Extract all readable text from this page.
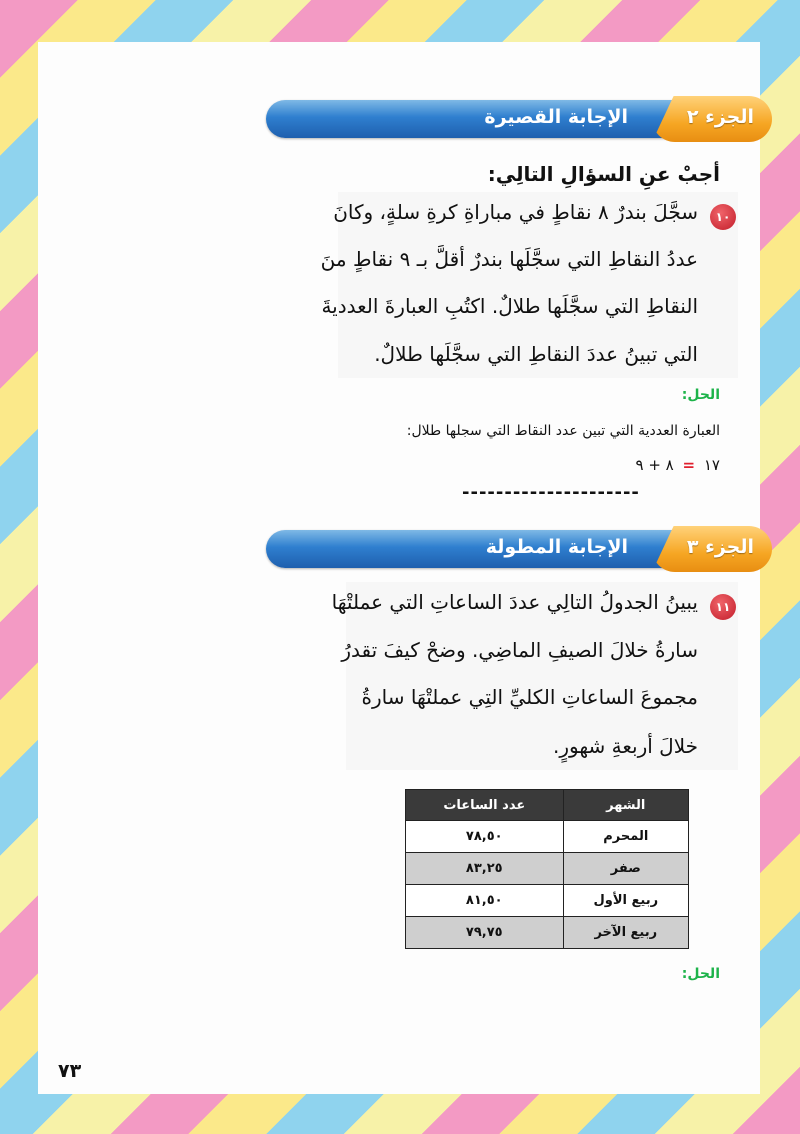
الجزء ٢
الإجابة القصيرة
أجبْ عنِ السؤالِ التالِي:
١٠
سجَّلَ بندرٌ ٨ نقاطٍ في مباراةِ كرةِ سلةٍ، وكانَ
عددُ النقاطِ التي سجَّلَها بندرٌ أقلَّ بـ ٩ نقاطٍ منَ
النقاطِ التي سجَّلَها طلالٌ. اكتُبِ العبارةَ العدديةَ
التي تبينُ عددَ النقاطِ التي سجَّلَها طلالٌ.
الحل:
العبارة العددية التي تبين عدد النقاط التي سجلها طلال:
١٧ = ٨ + ٩
---------------------
الجزء ٣
الإجابة المطولة
١١
يبينُ الجدولُ التالِي عددَ الساعاتِ التي عملتْهَا
سارةُ خلالَ الصيفِ الماضِي. وضحْ كيفَ تقدرُ
مجموعَ الساعاتِ الكليِّ التِي عملتْهَا سارةُ
خلالَ أربعةِ شهورٍ.
الحل:
الشهر	عدد الساعات
المحرم	٧٨,٥٠
صفر	٨٣,٢٥
ربيع الأول	٨١,٥٠
ربيع الآخر	٧٩,٧٥
٧٣
